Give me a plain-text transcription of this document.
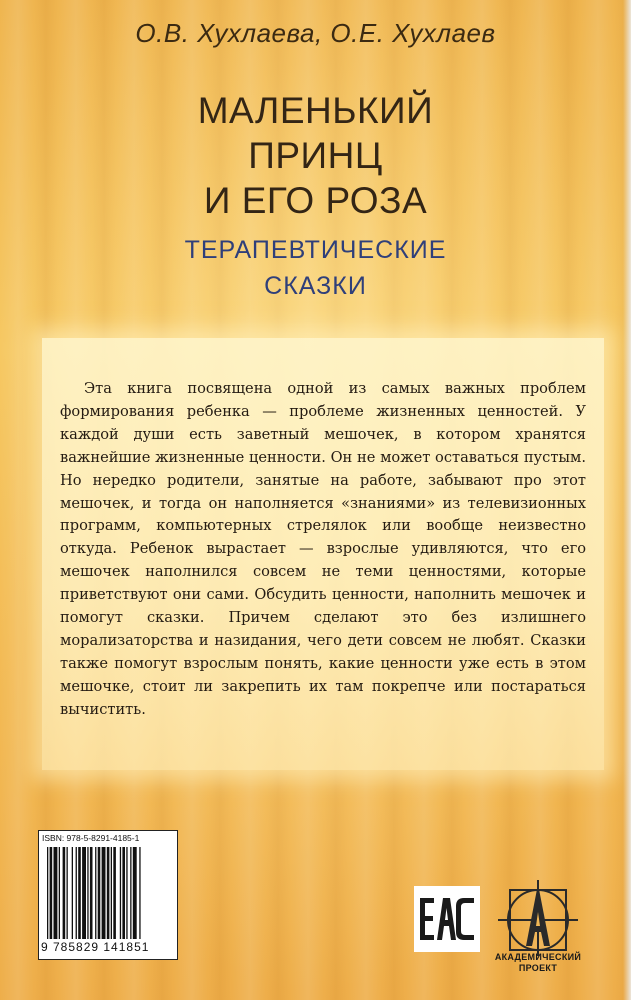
О.В. Хухлаева, О.Е. Хухлаев
МАЛЕНЬКИЙ
ПРИНЦ
И ЕГО РОЗА
ТЕРАПЕВТИЧЕСКИЕ
СКАЗКИ

Эта книга посвящена одной из самых важных проблем формирования ребенка — проблеме жизненных ценностей. У каждой души есть заветный мешочек, в котором хранятся важнейшие жизненные ценности. Он не может оставаться пустым. Но нередко родители, занятые на работе, забывают про этот мешочек, и тогда он наполняется «знаниями» из телевизионных программ, компьютерных стрелялок или вообще неизвестно откуда. Ребенок вырастает — взрослые удивляются, что его мешочек наполнился совсем не теми ценностями, которые приветствуют они сами. Обсудить ценности, наполнить мешочек и помогут сказки. Причем сделают это без излишнего морализаторства и назидания, чего дети совсем не любят. Сказки также помогут взрослым понять, какие ценности уже есть в этом мешочке, стоит ли закрепить их там покрепче или постараться вычистить.

ISBN: 978-5-8291-4185-1
9 785829 141851
АКАДЕМИЧЕСКИЙ
ПРОЕКТ
